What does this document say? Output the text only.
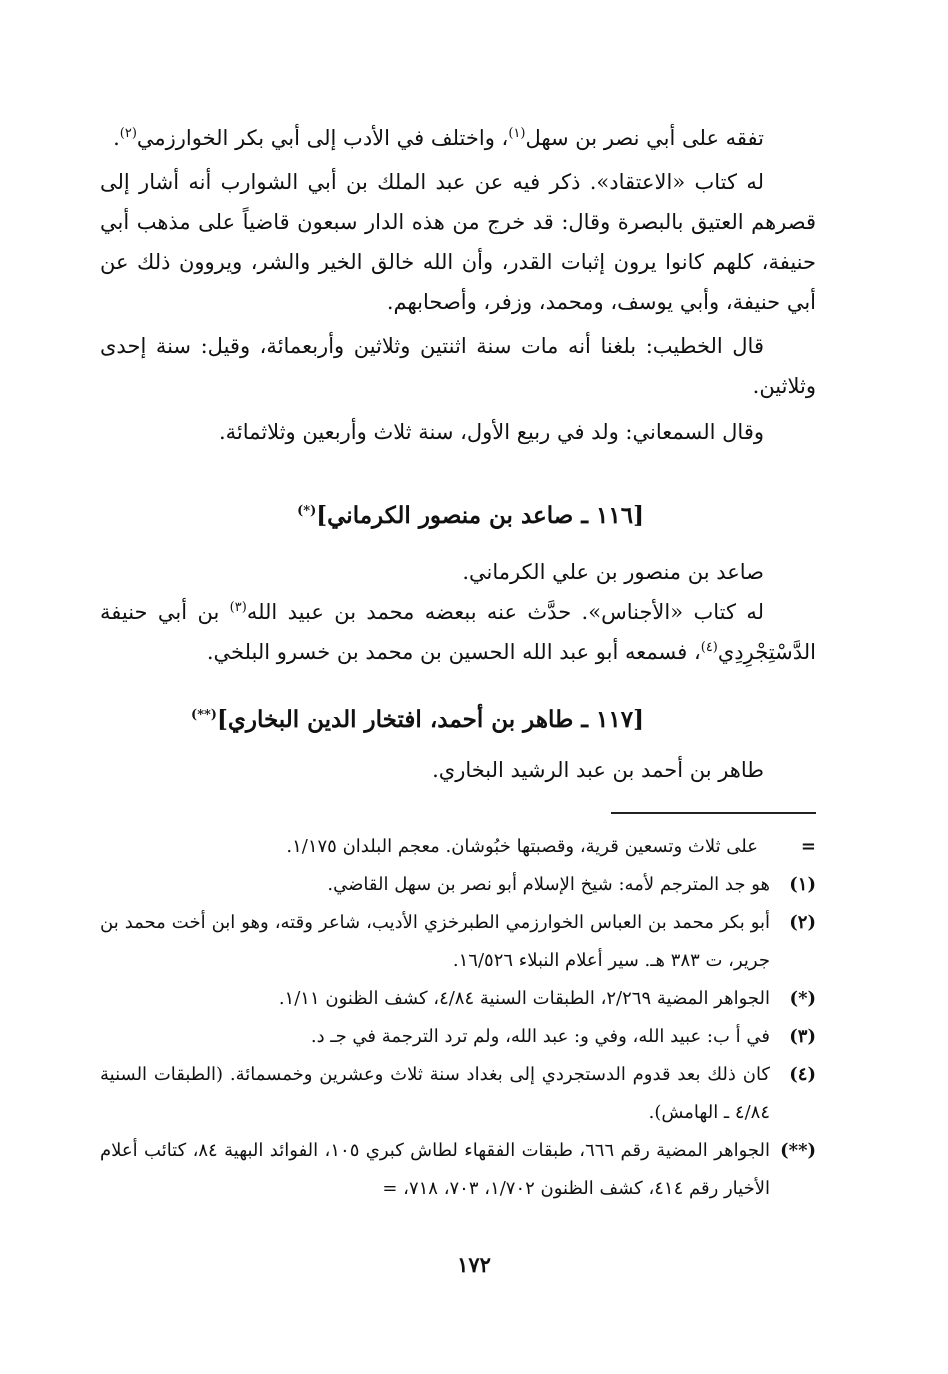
تفقه على أبي نصر بن سهل$^{(١)}$، واختلف في الأدب إلى أبي بكر الخوارزمي$^{(٢)}$.

له كتاب «الاعتقاد». ذكر فيه عن عبد الملك بن أبي الشوارب أنه أشار إلى قصرهم العتيق بالبصرة وقال: قد خرج من هذه الدار سبعون قاضياً على مذهب أبي حنيفة، كلهم كانوا يرون إثبات القدر، وأن الله خالق الخير والشر، ويروون ذلك عن أبي حنيفة، وأبي يوسف، ومحمد، وزفر، وأصحابهم.

قال الخطيب: بلغنا أنه مات سنة اثنتين وثلاثين وأربعمائة، وقيل: سنة إحدى وثلاثين.

وقال السمعاني: ولد في ربيع الأول، سنة ثلاث وأربعين وثلاثمائة.

[١١٦ ـ صاعد بن منصور الكرماني](*)

صاعد بن منصور بن علي الكرماني.

له كتاب «الأجناس». حدَّث عنه ببعضه محمد بن عبيد الله$^{(٣)}$ بن أبي حنيفة الدَّسْتِجْرِدِي$^{(٤)}$، فسمعه أبو عبد الله الحسين بن محمد بن خسرو البلخي.

[١١٧ ـ طاهر بن أحمد، افتخار الدين البخاري](**)

طاهر بن أحمد بن عبد الرشيد البخاري.

=
على ثلاث وتسعين قرية، وقصبتها خبُوشان. معجم البلدان ١/١٧٥.
(١)
هو جد المترجم لأمه: شيخ الإسلام أبو نصر بن سهل القاضي.
(٢)
أبو بكر محمد بن العباس الخوارزمي الطبرخزي الأديب، شاعر وقته، وهو ابن أخت محمد بن جرير، ت ٣٨٣ هـ. سير أعلام النبلاء ١٦/٥٢٦.
(*)
الجواهر المضية ٢/٢٦٩، الطبقات السنية ٤/٨٤، كشف الظنون ١/١١.
(٣)
في أ ب: عبيد الله، وفي و: عبد الله، ولم ترد الترجمة في جـ د.
(٤)
كان ذلك بعد قدوم الدستجردي إلى بغداد سنة ثلاث وعشرين وخمسمائة. (الطبقات السنية ٤/٨٤ ـ الهامش).
(**)
الجواهر المضية رقم ٦٦٦، طبقات الفقهاء لطاش كبري ١٠٥، الفوائد البهية ٨٤، كتائب أعلام الأخيار رقم ٤١٤، كشف الظنون ١/٧٠٢، ٧٠٣، ٧١٨، =
١٧٢
